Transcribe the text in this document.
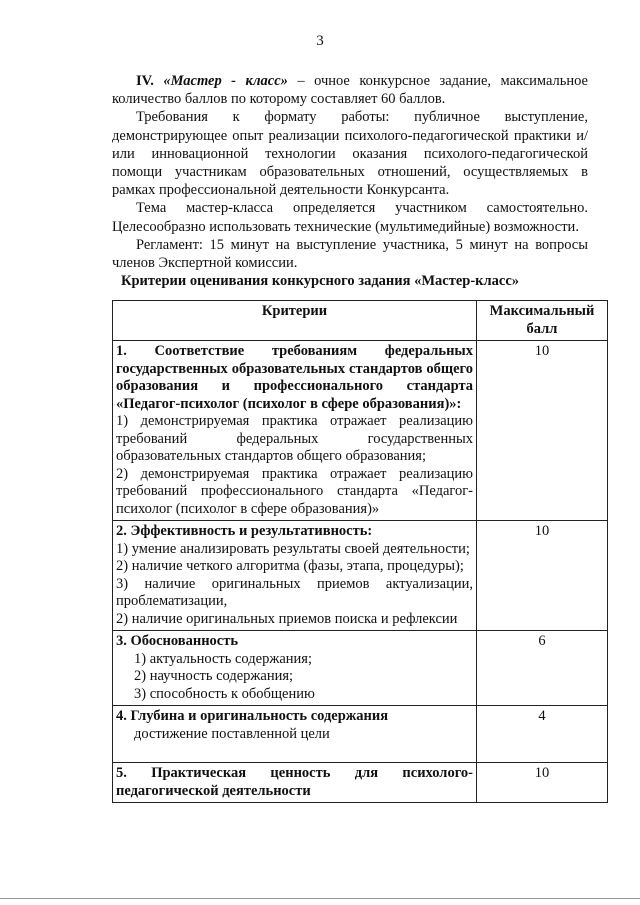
3

IV. «Мастер - класс» – очное конкурсное задание, максимальное количество баллов по которому составляет 60 баллов.

Требования к формату работы: публичное выступление, демонстрирующее опыт реализации психолого-педагогической практики и/или инновационной технологии оказания психолого-педагогической помощи участникам образовательных отношений, осуществляемых в рамках профессиональной деятельности Конкурсанта.

Тема мастер-класса определяется участником самостоятельно. Целесообразно использовать технические (мультимедийные) возможности.

Регламент: 15 минут на выступление участника, 5 минут на вопросы членов Экспертной комиссии.

Критерии оценивания конкурсного задания «Мастер-класс»
Критерии	Максимальный балл

1. Соответствие требованиям федеральных государственных образовательных стандартов общего образования и профессионального стандарта «Педагог-психолог (психолог в сфере образования)»:
1) демонстрируемая практика отражает реализацию требований федеральных государственных образовательных стандартов общего образования;
2) демонстрируемая практика отражает реализацию требований профессионального стандарта «Педагог-психолог (психолог в сфере образования)»	10

2. Эффективность и результативность:
1) умение анализировать результаты своей деятельности;
2) наличие четкого алгоритма (фазы, этапа, процедуры);
3) наличие оригинальных приемов актуализации, проблематизации,
2) наличие оригинальных приемов поиска и рефлексии	10

3. Обоснованность
1) актуальность содержания;
2) научность содержания;
3) способность к обобщению	6

4. Глубина и оригинальность содержания
достижение поставленной цели	4

5. Практическая ценность для психолого-педагогической деятельности	10
